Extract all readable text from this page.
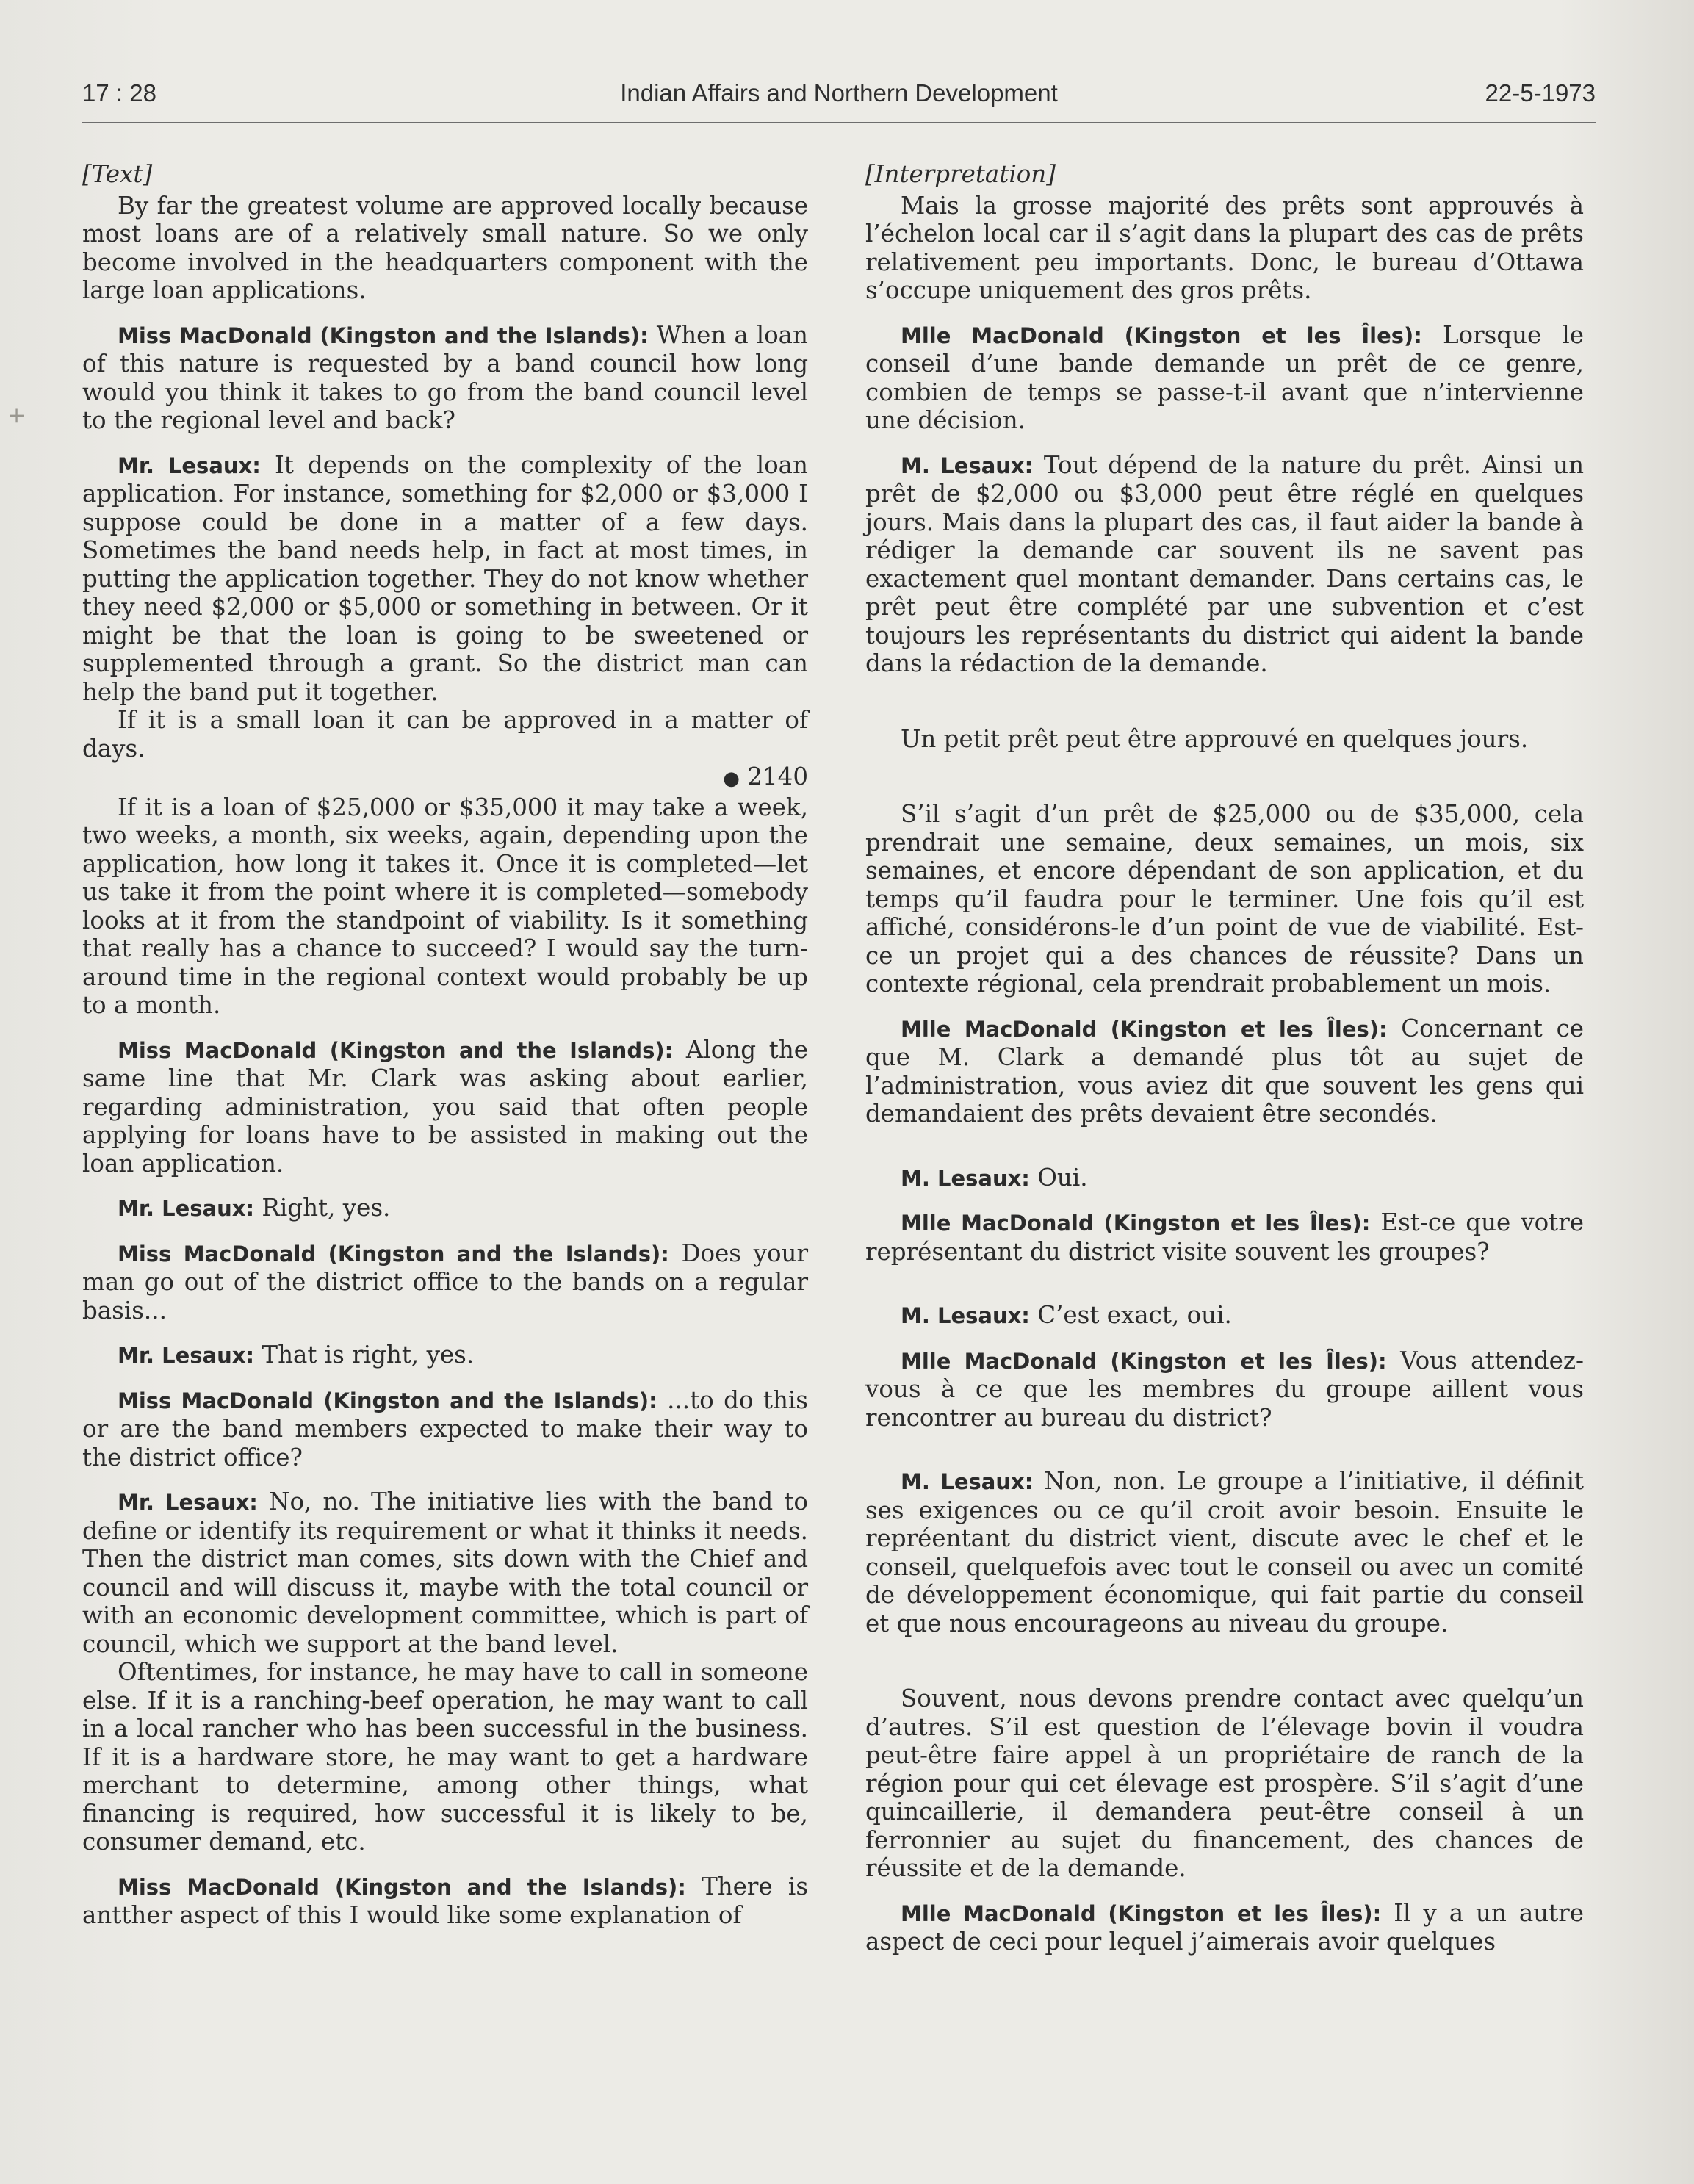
17 : 28	Indian Affairs and Northern Development	22-5-1973
+

[Text]

By far the greatest volume are approved locally because most loans are of a relatively small nature. So we only become involved in the headquarters component with the large loan applications.

Miss MacDonald (Kingston and the Islands): When a loan of this nature is requested by a band council how long would you think it takes to go from the band council level to the regional level and back?

Mr. Lesaux: It depends on the complexity of the loan application. For instance, something for $2,000 or $3,000 I suppose could be done in a matter of a few days. Sometimes the band needs help, in fact at most times, in putting the application together. They do not know whether they need $2,000 or $5,000 or something in between. Or it might be that the loan is going to be sweetened or supplemented through a grant. So the district man can help the band put it together.

If it is a small loan it can be approved in a matter of days.

● 2140

If it is a loan of $25,000 or $35,000 it may take a week, two weeks, a month, six weeks, again, depending upon the application, how long it takes it. Once it is completed—let us take it from the point where it is completed—somebody looks at it from the standpoint of viability. Is it something that really has a chance to succeed? I would say the turn-around time in the regional context would probably be up to a month.

Miss MacDonald (Kingston and the Islands): Along the same line that Mr. Clark was asking about earlier, regarding administration, you said that often people applying for loans have to be assisted in making out the loan application.

Mr. Lesaux: Right, yes.

Miss MacDonald (Kingston and the Islands): Does your man go out of the district office to the bands on a regular basis...

Mr. Lesaux: That is right, yes.

Miss MacDonald (Kingston and the Islands): ...to do this or are the band members expected to make their way to the district office?

Mr. Lesaux: No, no. The initiative lies with the band to define or identify its requirement or what it thinks it needs. Then the district man comes, sits down with the Chief and council and will discuss it, maybe with the total council or with an economic development committee, which is part of council, which we support at the band level.

Oftentimes, for instance, he may have to call in someone else. If it is a ranching-beef operation, he may want to call in a local rancher who has been successful in the business. If it is a hardware store, he may want to get a hardware merchant to determine, among other things, what financing is required, how successful it is likely to be, consumer demand, etc.

Miss MacDonald (Kingston and the Islands): There is antther aspect of this I would like some explanation of

[Interpretation]

Mais la grosse majorité des prêts sont approuvés à l’échelon local car il s’agit dans la plupart des cas de prêts relativement peu importants. Donc, le bureau d’Ottawa s’occupe uniquement des gros prêts.

Mlle MacDonald (Kingston et les Îles): Lorsque le conseil d’une bande demande un prêt de ce genre, combien de temps se passe-t-il avant que n’intervienne une décision.

M. Lesaux: Tout dépend de la nature du prêt. Ainsi un prêt de $2,000 ou $3,000 peut être réglé en quelques jours. Mais dans la plupart des cas, il faut aider la bande à rédiger la demande car souvent ils ne savent pas exactement quel montant demander. Dans certains cas, le prêt peut être complété par une subvention et c’est toujours les représentants du district qui aident la bande dans la rédaction de la demande.

Un petit prêt peut être approuvé en quelques jours.

S’il s’agit d’un prêt de $25,000 ou de $35,000, cela prendrait une semaine, deux semaines, un mois, six semaines, et encore dépendant de son application, et du temps qu’il faudra pour le terminer. Une fois qu’il est affiché, considérons-le d’un point de vue de viabilité. Est-ce un projet qui a des chances de réussite? Dans un contexte régional, cela prendrait probablement un mois.

Mlle MacDonald (Kingston et les Îles): Concernant ce que M. Clark a demandé plus tôt au sujet de l’administration, vous aviez dit que souvent les gens qui demandaient des prêts devaient être secondés.

M. Lesaux: Oui.

Mlle MacDonald (Kingston et les Îles): Est-ce que votre représentant du district visite souvent les groupes?

M. Lesaux: C’est exact, oui.

Mlle MacDonald (Kingston et les Îles): Vous attendez-vous à ce que les membres du groupe aillent vous rencontrer au bureau du district?

M. Lesaux: Non, non. Le groupe a l’initiative, il définit ses exigences ou ce qu’il croit avoir besoin. Ensuite le repréentant du district vient, discute avec le chef et le conseil, quelquefois avec tout le conseil ou avec un comité de développement économique, qui fait partie du conseil et que nous encourageons au niveau du groupe.

Souvent, nous devons prendre contact avec quelqu’un d’autres. S’il est question de l’élevage bovin il voudra peut-être faire appel à un propriétaire de ranch de la région pour qui cet élevage est prospère. S’il s’agit d’une quincaillerie, il demandera peut-être conseil à un ferronnier au sujet du financement, des chances de réussite et de la demande.

Mlle MacDonald (Kingston et les Îles): Il y a un autre aspect de ceci pour lequel j’aimerais avoir quelques
